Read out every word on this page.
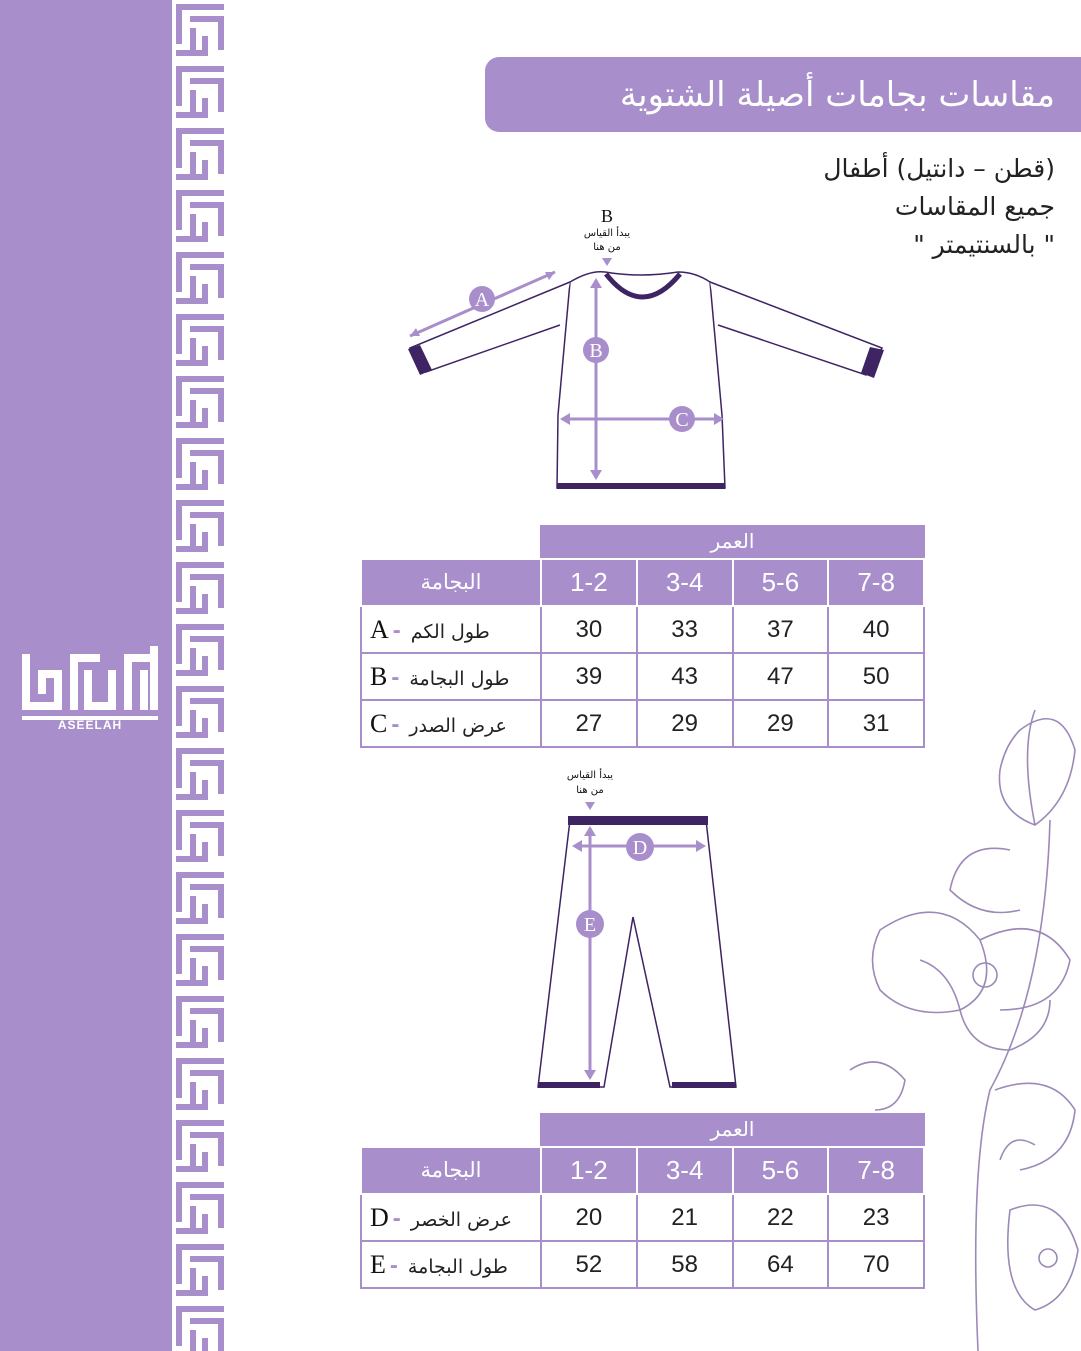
ASEELAH
مقاسات بجامات أصيلة الشتوية
(قطن – دانتيل) أطفال
جميع المقاسات
" بالسنتيمتر "
B
يبدأ القياس
من هنا
A
B
C
العمر
البجامة	1-2	3-4	5-6	7-8
A - طول الكم	30	33	37	40
B - طول البجامة	39	43	47	50
C - عرض الصدر	27	29	29	31
يبدأ القياس
من هنا
D
E
العمر
البجامة	1-2	3-4	5-6	7-8
D - عرض الخصر	20	21	22	23
E - طول البجامة	52	58	64	70
